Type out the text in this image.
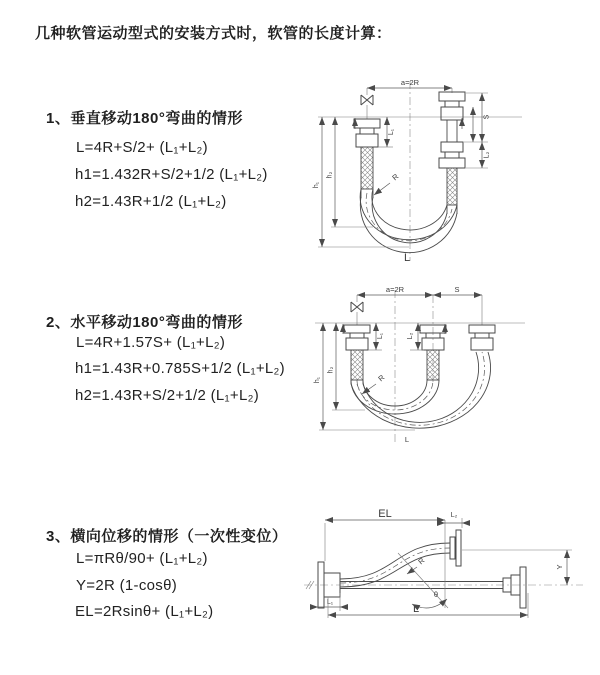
几种软管运动型式的安装方式时，软管的长度计算：
1、垂直移动180°弯曲的情形
L=4R+S/2+ (L₁+L₂)
h1=1.432R+S/2+1/2 (L₁+L₂)
h2=1.43R+1/2 (L₁+L₂)
2、水平移动180°弯曲的情形
L=4R+1.57S+ (L₁+L₂)
h1=1.43R+0.785S+1/2 (L₁+L₂)
h2=1.43R+S/2+1/2 (L₁+L₂)
3、横向位移的情形（一次性变位）
L=πRθ/90+ (L₁+L₂)
Y=2R (1-cosθ)
EL=2Rsinθ+ (L₁+L₂)
a=2R
h₁
h₂
L₁
S
L₂
R
L
a=2R	S
h₁
h₂
L₁	L₂
R
L
EL	L₂
L₁
L
Y
R
θ
